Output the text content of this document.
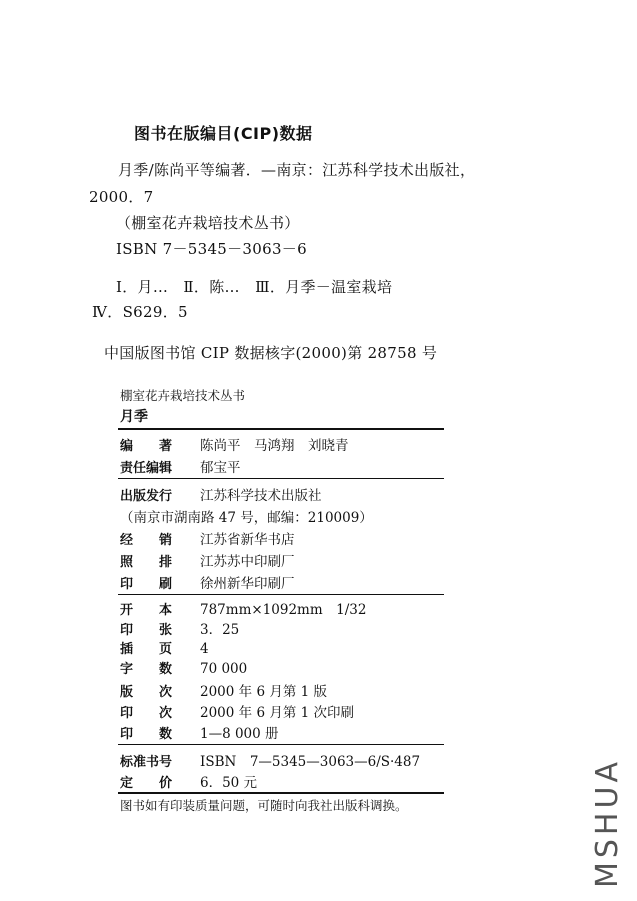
图书在版编目(CIP)数据
月季/陈尚平等编著．—南京：江苏科学技术出版社，
2000．7
（棚室花卉栽培技术丛书）
ISBN 7－5345－3063－6
Ⅰ．月…　Ⅱ．陈…　Ⅲ．月季－温室栽培
Ⅳ．S629．5
中国版图书馆 CIP 数据核字(2000)第 28758 号
棚室花卉栽培技术丛书
月季
编　　著 陈尚平　马鸿翔　刘晓青
责任编辑 郁宝平
出版发行 江苏科学技术出版社
（南京市湖南路 47 号，邮编：210009）
经　　销 江苏省新华书店
照　　排 江苏苏中印刷厂
印　　刷 徐州新华印刷厂
开　　本 787mm×1092mm　1/32
印　　张 3．25
插　　页 4
字　　数 70 000
版　　次 2000 年 6 月第 1 版
印　　次 2000 年 6 月第 1 次印刷
印　　数 1—8 000 册
标准书号 ISBN　7—5345—3063—6/S·487
定　　价 6．50 元
图书如有印装质量问题，可随时向我社出版科调换。	MSHUA
